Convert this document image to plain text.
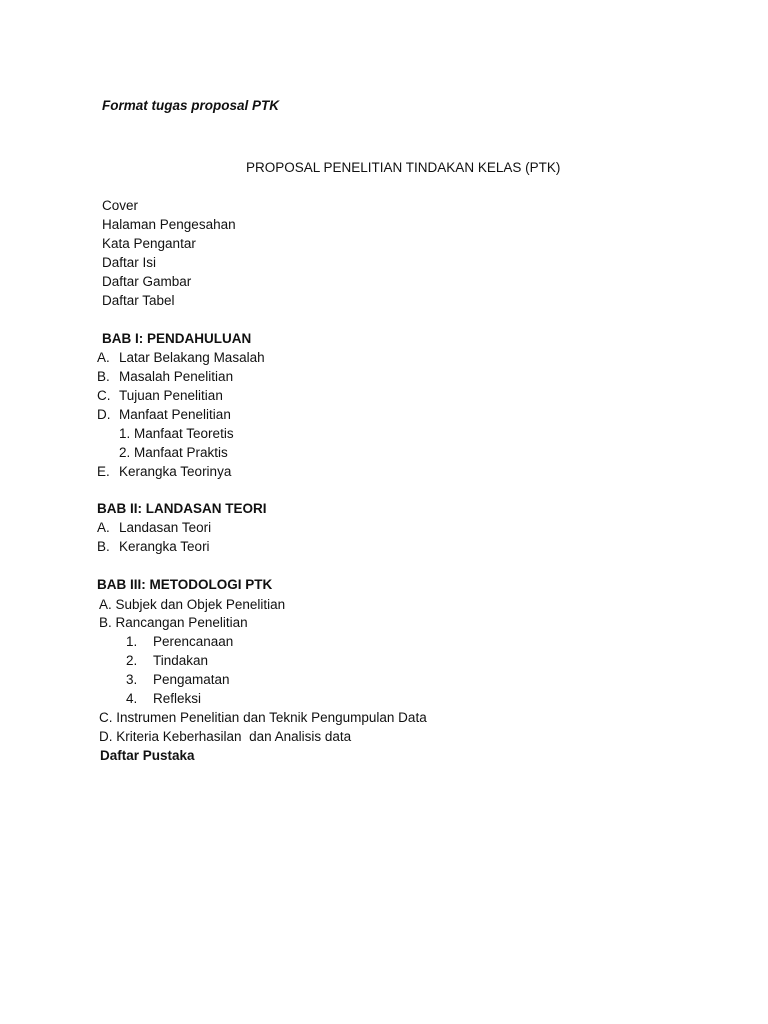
Format tugas proposal PTK
PROPOSAL PENELITIAN TINDAKAN KELAS (PTK)
Cover
Halaman Pengesahan
Kata Pengantar
Daftar Isi
Daftar Gambar
Daftar Tabel
BAB I: PENDAHULUAN
A. Latar Belakang Masalah
B. Masalah Penelitian
C. Tujuan Penelitian
D. Manfaat Penelitian
1. Manfaat Teoretis
2. Manfaat Praktis
E. Kerangka Teorinya
BAB II: LANDASAN TEORI
A. Landasan Teori
B. Kerangka Teori
BAB III: METODOLOGI PTK
A. Subjek dan Objek Penelitian
B. Rancangan Penelitian
1. Perencanaan
2. Tindakan
3. Pengamatan
4. Refleksi
C. Instrumen Penelitian dan Teknik Pengumpulan Data
D. Kriteria Keberhasilan  dan Analisis data
Daftar Pustaka
